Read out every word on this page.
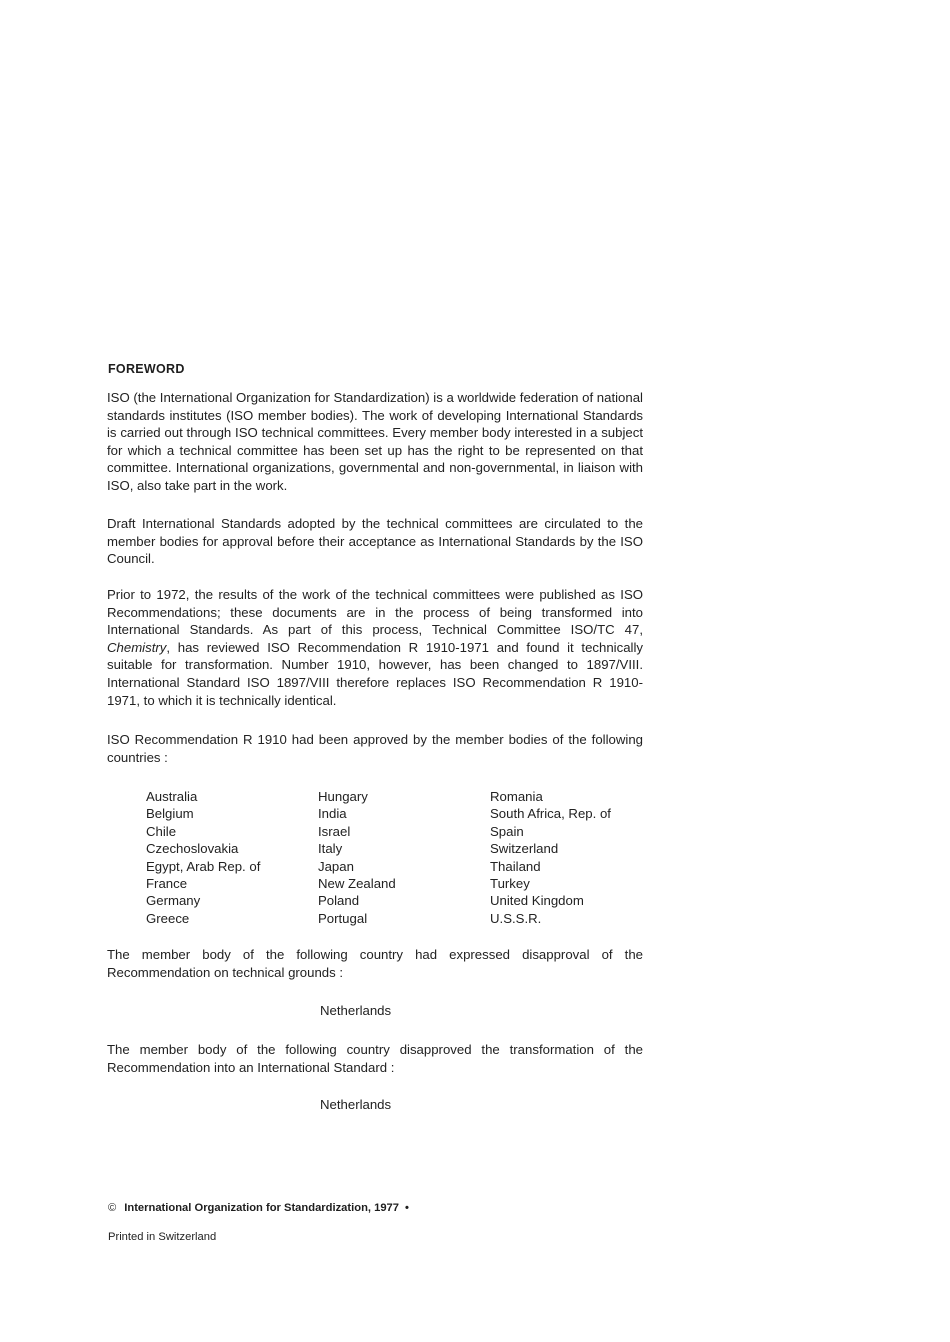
FOREWORD

ISO (the International Organization for Standardization) is a worldwide federation of national standards institutes (ISO member bodies). The work of developing International Standards is carried out through ISO technical committees. Every member body interested in a subject for which a technical committee has been set up has the right to be represented on that committee. International organizations, governmental and non-governmental, in liaison with ISO, also take part in the work.

Draft International Standards adopted by the technical committees are circulated to the member bodies for approval before their acceptance as International Standards by the ISO Council.

Prior to 1972, the results of the work of the technical committees were published as ISO Recommendations; these documents are in the process of being transformed into International Standards. As part of this process, Technical Committee ISO/TC 47, Chemistry, has reviewed ISO Recommendation R 1910-1971 and found it technically suitable for transformation. Number 1910, however, has been changed to 1897/VIII. International Standard ISO 1897/VIII therefore replaces ISO Recommendation R 1910-1971, to which it is technically identical.

ISO Recommendation R 1910 had been approved by the member bodies of the following countries :

Australia
Belgium
Chile
Czechoslovakia
Egypt, Arab Rep. of
France
Germany
Greece
Hungary
India
Israel
Italy
Japan
New Zealand
Poland
Portugal
Romania
South Africa, Rep. of
Spain
Switzerland
Thailand
Turkey
United Kingdom
U.S.S.R.

The member body of the following country had expressed disapproval of the Recommendation on technical grounds :

Netherlands

The member body of the following country disapproved the transformation of the Recommendation into an International Standard :

Netherlands
© International Organization for Standardization, 1977 •
Printed in Switzerland
